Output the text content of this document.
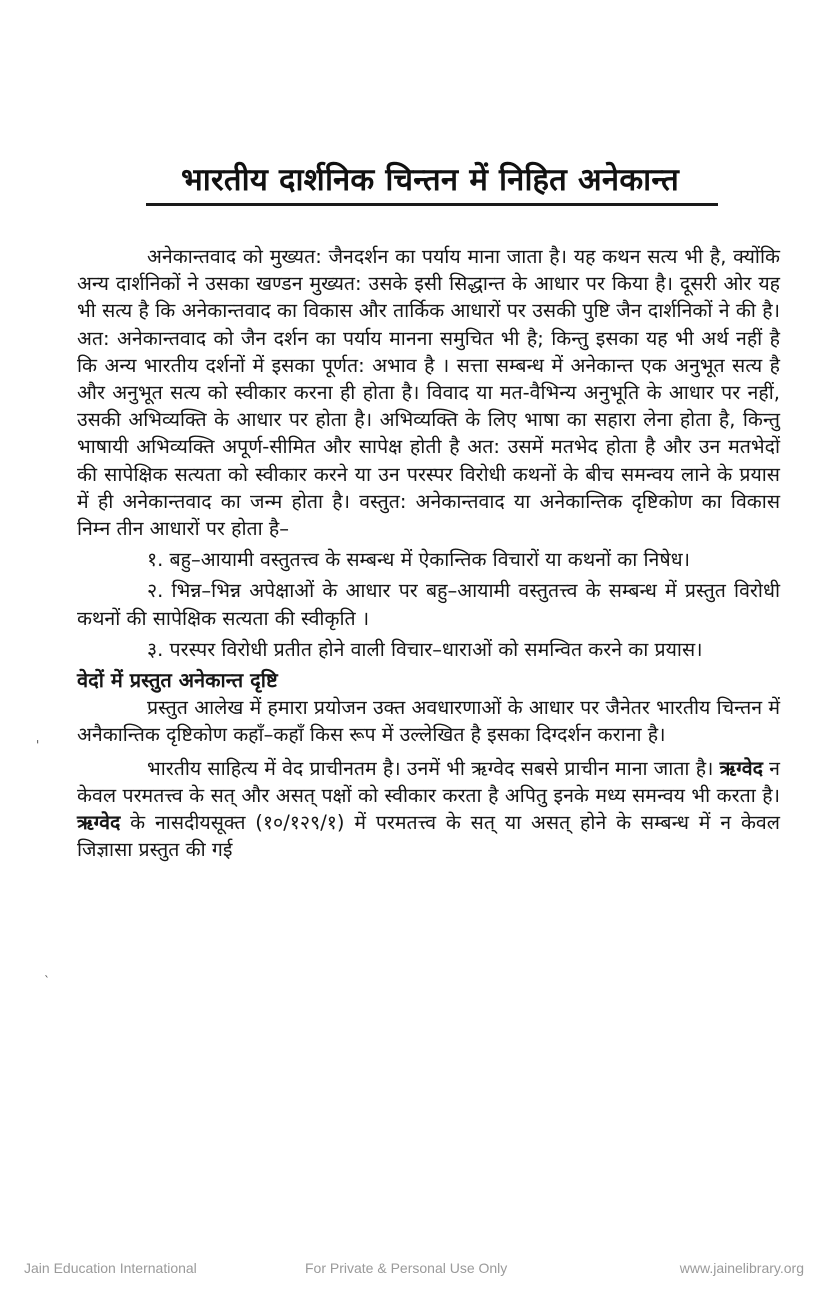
भारतीय दार्शनिक चिन्तन में निहित अनेकान्त
'
`

अनेकान्तवाद को मुख्यत: जैनदर्शन का पर्याय माना जाता है। यह कथन सत्य भी है, क्योंकि अन्य दार्शनिकों ने उसका खण्डन मुख्यत: उसके इसी सिद्धान्त के आधार पर किया है। दूसरी ओर यह भी सत्य है कि अनेकान्तवाद का विकास और तार्किक आधारों पर उसकी पुष्टि जैन दार्शनिकों ने की है। अत: अनेकान्तवाद को जैन दर्शन का पर्याय मानना समुचित भी है; किन्तु इसका यह भी अर्थ नहीं है कि अन्य भारतीय दर्शनों में इसका पूर्णत: अभाव है । सत्ता सम्बन्ध में अनेकान्त एक अनुभूत सत्य है और अनुभूत सत्य को स्वीकार करना ही होता है। विवाद या मत-वैभिन्य अनुभूति के आधार पर नहीं, उसकी अभिव्यक्ति के आधार पर होता है। अभिव्यक्ति के लिए भाषा का सहारा लेना होता है, किन्तु भाषायी अभिव्यक्ति अपूर्ण-सीमित और सापेक्ष होती है अत: उसमें मतभेद होता है और उन मतभेदों की सापेक्षिक सत्यता को स्वीकार करने या उन परस्पर विरोधी कथनों के बीच समन्वय लाने के प्रयास में ही अनेकान्तवाद का जन्म होता है। वस्तुत: अनेकान्तवाद या अनेकान्तिक दृष्टिकोण का विकास निम्न तीन आधारों पर होता है–

१. बहु–आयामी वस्तुतत्त्व के सम्बन्ध में ऐकान्तिक विचारों या कथनों का निषेध।

२. भिन्न–भिन्न अपेक्षाओं के आधार पर बहु–आयामी वस्तुतत्त्व के सम्बन्ध में प्रस्तुत विरोधी कथनों की सापेक्षिक सत्यता की स्वीकृति ।

३. परस्पर विरोधी प्रतीत होने वाली विचार–धाराओं को समन्वित करने का प्रयास।

वेदों में प्रस्तुत अनेकान्त दृष्टि

प्रस्तुत आलेख में हमारा प्रयोजन उक्त अवधारणाओं के आधार पर जैनेतर भारतीय चिन्तन में अनैकान्तिक दृष्टिकोण कहाँ–कहाँ किस रूप में उल्लेखित है इसका दिग्दर्शन कराना है।

भारतीय साहित्य में वेद प्राचीनतम है। उनमें भी ऋग्वेद सबसे प्राचीन माना जाता है। ऋग्वेद न केवल परमतत्त्व के सत् और असत् पक्षों को स्वीकार करता है अपितु इनके मध्य समन्वय भी करता है। ऋग्वेद के नासदीयसूक्त (१०/१२९/१) में परमतत्त्व के सत् या असत् होने के सम्बन्ध में न केवल जिज्ञासा प्रस्तुत की गई

Jain Education International	For Private & Personal Use Only	www.jainelibrary.org
